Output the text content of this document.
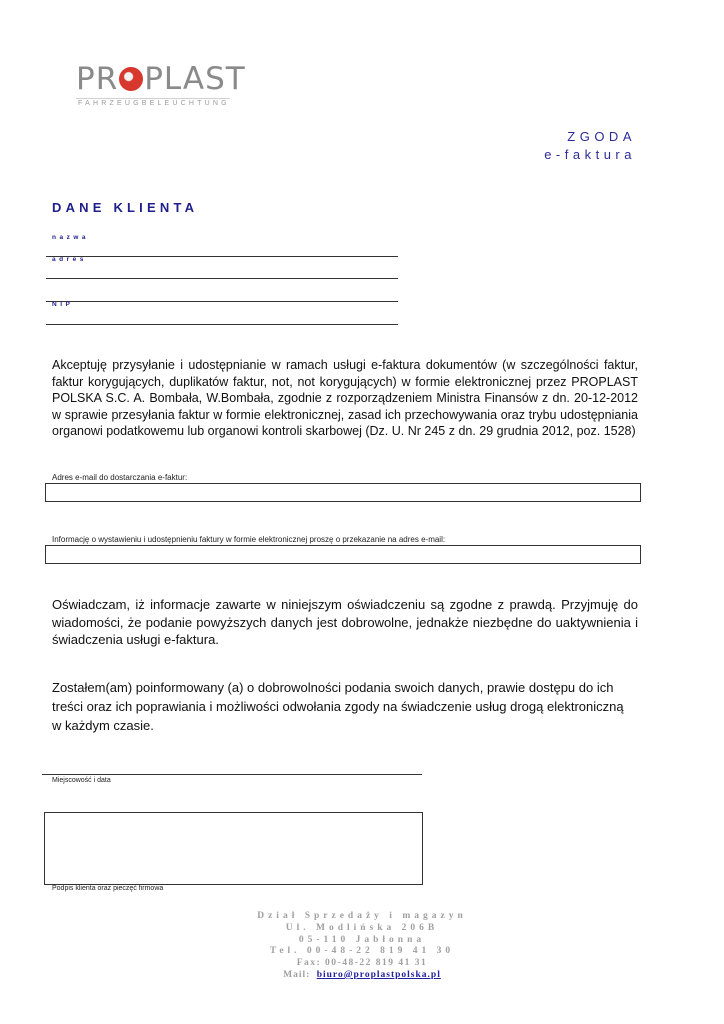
PR PLAST
FAHRZEUGBELEUCHTUNG
ZGODA
e-faktura
DANE KLIENTA
nazwa
adres
NIP
Akceptuję przysyłanie i udostępnianie w ramach usługi e-faktura dokumentów (w szczególności faktur, faktur korygujących, duplikatów faktur, not, not korygujących) w formie elektronicznej przez PROPLAST POLSKA S.C. A. Bombała, W.Bombała, zgodnie z rozporządzeniem Ministra Finansów z dn. 20-12-2012 w sprawie przesyłania faktur w formie elektronicznej, zasad ich przechowywania oraz trybu udostępniania organowi podatkowemu lub organowi kontroli skarbowej (Dz. U. Nr 245 z dn. 29 grudnia 2012, poz. 1528)
Adres e-mail do dostarczania e-faktur:
Informację o wystawieniu i udostępnieniu faktury w formie elektronicznej proszę o przekazanie na adres e-mail:
Oświadczam, iż informacje zawarte w niniejszym oświadczeniu są zgodne z prawdą. Przyjmuję do wiadomości, że podanie powyższych danych jest dobrowolne, jednakże niezbędne do uaktywnienia i świadczenia usługi e-faktura.
Zostałem(am) poinformowany (a) o dobrowolności podania swoich danych, prawie dostępu do ich treści oraz ich poprawiania i możliwości odwołania zgody na świadczenie usług drogą elektroniczną w każdym czasie.
Miejscowość i data
Podpis klienta oraz pieczęć firmowa
Dział Sprzedaży i magazyn
Ul. Modlińska 206B
05-110 Jabłonna
Tel. 00-48-22 819 41 30
Fax: 00-48-22 819 41 31
Mail: biuro@proplastpolska.pl
